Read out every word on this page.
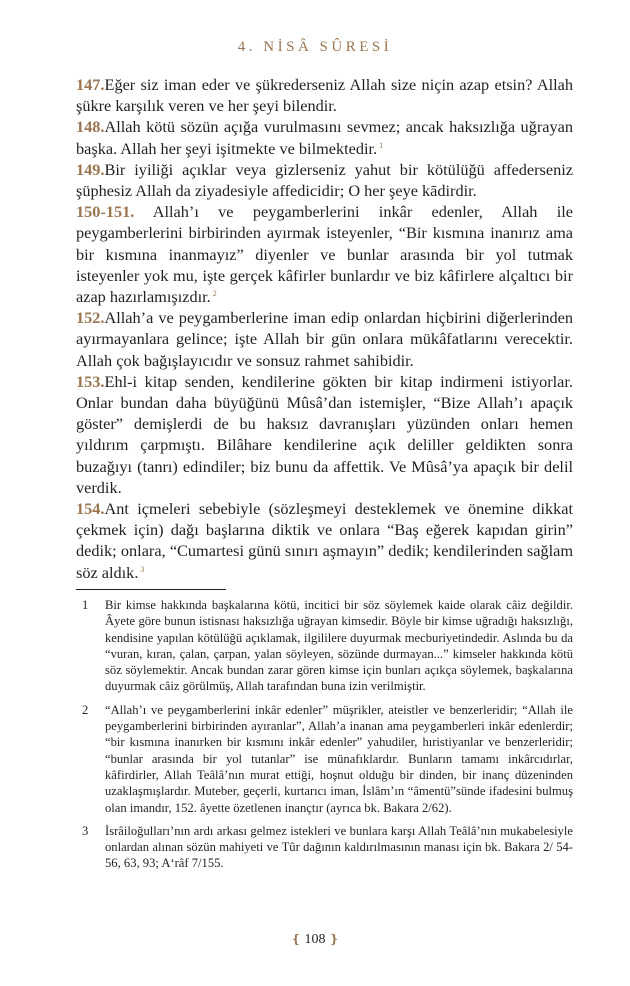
4. NİSÂ SÛRESİ

147.Eğer siz iman eder ve şükrederseniz Allah size niçin azap etsin? Allah şükre karşılık veren ve her şeyi bilendir.

148.Allah kötü sözün açığa vurulmasını sevmez; ancak haksızlığa uğrayan başka. Allah her şeyi işitmekte ve bilmektedir. $^1$

149.Bir iyiliği açıklar veya gizlerseniz yahut bir kötülüğü affederseniz şüphesiz Allah da ziyadesiyle affedicidir; O her şeye kādirdir.

150-151. Allah’ı ve peygamberlerini inkâr edenler, Allah ile peygamberlerini birbirinden ayırmak isteyenler, “Bir kısmına inanırız ama bir kısmına inanmayız” diyenler ve bunlar arasında bir yol tutmak isteyenler yok mu, işte gerçek kâfirler bunlardır ve biz kâfirlere alçaltıcı bir azap hazırlamışızdır. $^2$

152.Allah’a ve peygamberlerine iman edip onlardan hiçbirini diğerlerinden ayırmayanlara gelince; işte Allah bir gün onlara mükâfatlarını verecektir. Allah çok bağışlayıcıdır ve sonsuz rahmet sahibidir.

153.Ehl-i kitap senden, kendilerine gökten bir kitap indirmeni istiyorlar. Onlar bundan daha büyüğünü Mûsâ’dan istemişler, “Bize Allah’ı apaçık göster” demişlerdi de bu haksız davranışları yüzünden onları hemen yıldırım çarpmıştı. Bilâhare kendilerine açık deliller geldikten sonra buzağıyı (tanrı) edindiler; biz bunu da affettik. Ve Mûsâ’ya apaçık bir delil verdik.

154.Ant içmeleri sebebiyle (sözleşmeyi desteklemek ve önemine dikkat çekmek için) dağı başlarına diktik ve onlara “Baş eğerek kapıdan girin” dedik; onlara, “Cumartesi günü sınırı aşmayın” dedik; kendilerinden sağlam söz aldık. $^3$

1 Bir kimse hakkında başkalarına kötü, incitici bir söz söylemek kaide olarak câiz değildir. Âyete göre bunun istisnası haksızlığa uğrayan kimsedir. Böyle bir kimse uğradığı haksızlığı, kendisine yapılan kötülüğü açıklamak, ilgililere duyurmak mecburiyetindedir. Aslında bu da “vuran, kıran, çalan, çarpan, yalan söyleyen, sözünde durmayan...” kimseler hakkında kötü söz söylemektir. Ancak bundan zarar gören kimse için bunları açıkça söylemek, başkalarına duyurmak câiz görülmüş, Allah tarafından buna izin verilmiştir.
2 “Allah’ı ve peygamberlerini inkâr edenler” müşrikler, ateistler ve benzerleridir; “Allah ile peygamberlerini birbirinden ayıranlar”, Allah’a inanan ama peygamberleri inkâr edenlerdir; “bir kısmına inanırken bir kısmını inkâr edenler” yahudiler, hıristiyanlar ve benzerleridir; “bunlar arasında bir yol tutanlar” ise münafıklardır. Bunların tamamı inkârcıdırlar, kâfirdirler, Allah Teâlâ’nın murat ettiği, hoşnut olduğu bir dinden, bir inanç düzeninden uzaklaşmışlardır. Muteber, geçerli, kurtarıcı iman, İslâm’ın “âmentü”sünde ifadesini bulmuş olan imandır, 152. âyette özetlenen inançtır (ayrıca bk. Bakara 2/62).
3 İsrâiloğulları’nın ardı arkası gelmez istekleri ve bunlara karşı Allah Teâlâ’nın mukabelesiyle onlardan alınan sözün mahiyeti ve Tûr dağının kaldırılmasının manası için bk. Bakara 2/ 54-56, 63, 93; A‘râf 7/155.
❴ 108 ❵
